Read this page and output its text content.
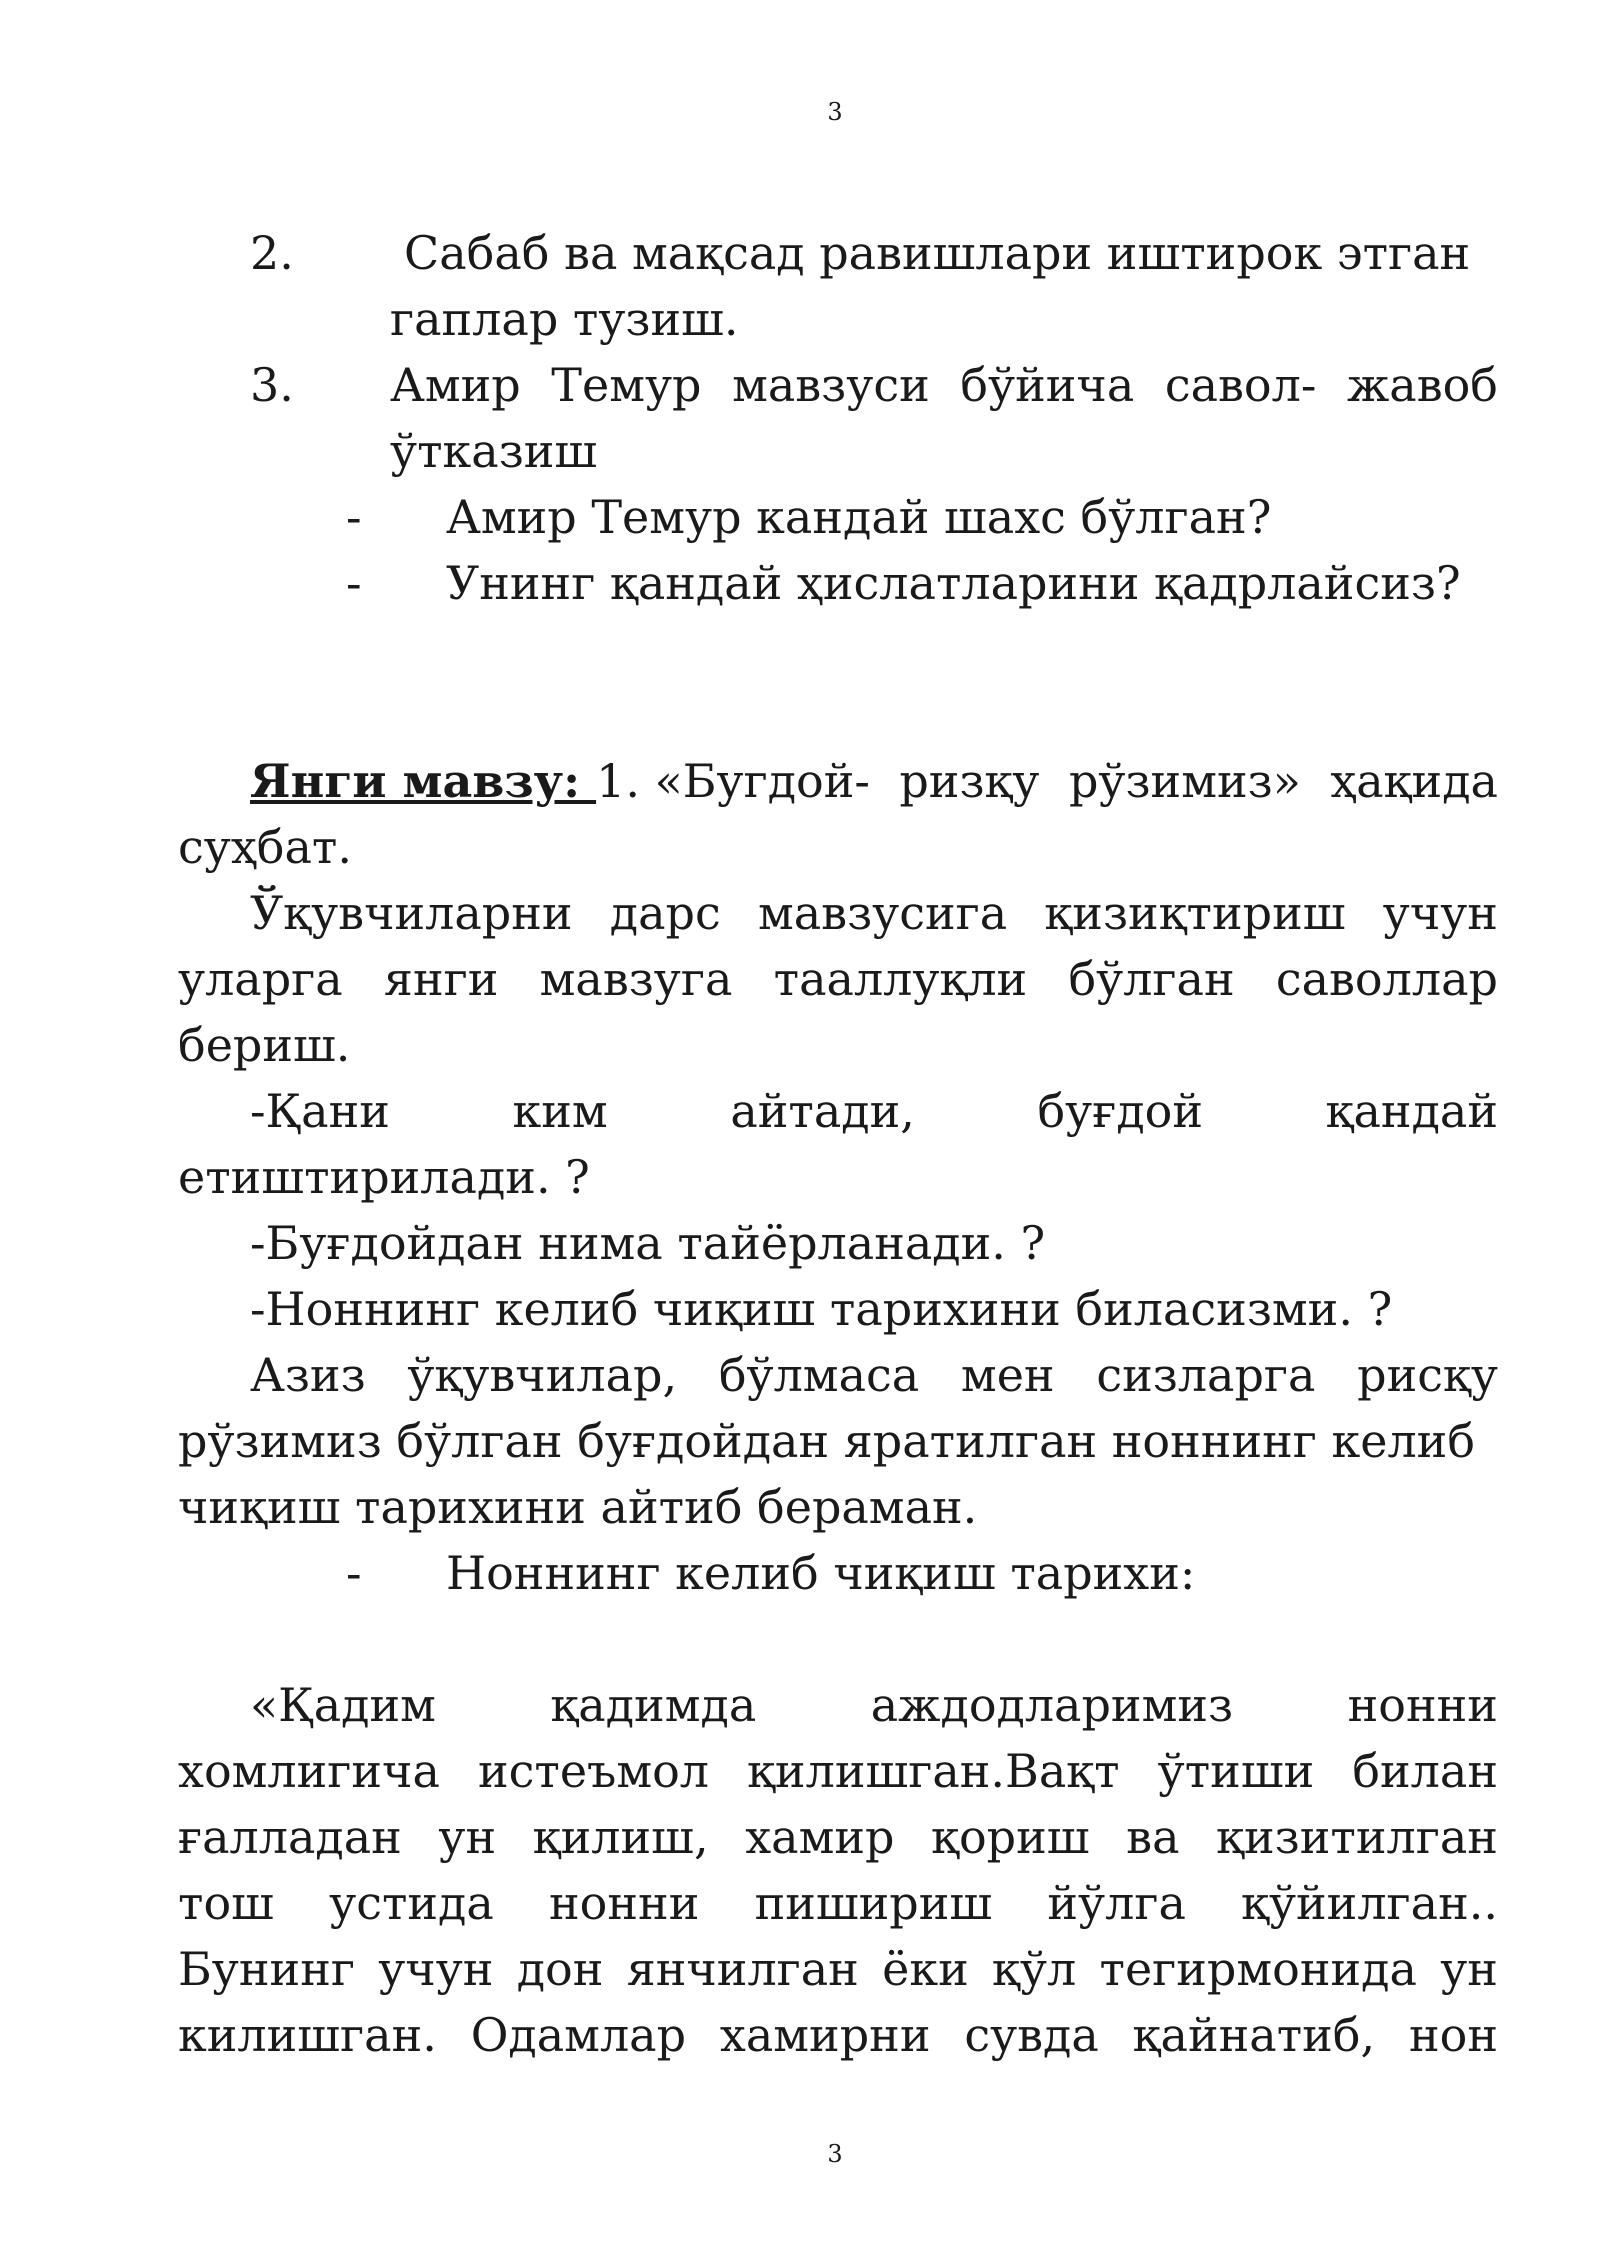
3
2. Сабаб ва мақсад равишлари иштирок этган
гаплар тузиш.
3. Амир Темур мавзуси бўйича савол- жавоб
ўтказиш
- Амир Темур кандай шахс бўлган?
- Унинг қандай ҳислатларини қадрлайсиз?
Янги мавзу: 1. «Бугдой- ризқу рўзимиз» ҳақида
суҳбат.
Ўқувчиларни дарс мавзусига қизиқтириш учун
уларга янги мавзуга тааллуқли бўлган саволлар
бериш.
-Қани	ким	айтади,	буғдой	қандай
етиштирилади. ?
-Буғдойдан нима тайёрланади. ?
-Ноннинг келиб чиқиш тарихини биласизми. ?
Азиз ўқувчилар, бўлмаса мен сизларга рисқу
рўзимиз бўлган буғдойдан яратилган ноннинг келиб
чиқиш тарихини айтиб бераман.
- Ноннинг келиб чиқиш тарихи:
«Қадим қадимда аждодларимиз нонни
хомлигича истеъмол қилишган.Вақт ўтиши билан
ғалладан ун қилиш, хамир қориш ва қизитилган
тош устида нонни пишириш йўлга қўйилган..
Бунинг учун дон янчилган ёки қўл тегирмонида ун
килишган. Одамлар хамирни сувда қайнатиб, нон
3
